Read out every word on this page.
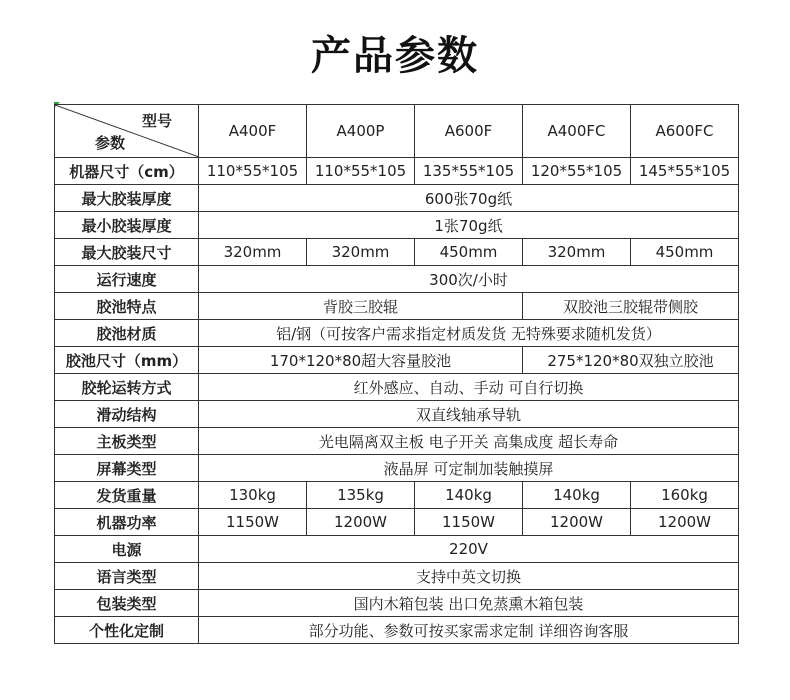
产品参数
型号
参数	A400F	A400P	A600F	A400FC	A600FC
机器尺寸（cm）	110*55*105	110*55*105	135*55*105	120*55*105	145*55*105
最大胶装厚度	600张70g纸				
最小胶装厚度	1张70g纸				
最大胶装尺寸	320mm	320mm	450mm	320mm	450mm
运行速度	300次/小时				
胶池特点	背胶三胶辊			双胶池三胶辊带侧胶	
胶池材质	铝/钢（可按客户需求指定材质发货 无特殊要求随机发货）				
胶池尺寸（mm）	170*120*80超大容量胶池			275*120*80双独立胶池	
胶轮运转方式	红外感应、自动、手动 可自行切换				
滑动结构	双直线轴承导轨				
主板类型	光电隔离双主板 电子开关 高集成度 超长寿命				
屏幕类型	液晶屏 可定制加装触摸屏				
发货重量	130kg	135kg	140kg	140kg	160kg
机器功率	1150W	1200W	1150W	1200W	1200W
电源	220V				
语言类型	支持中英文切换				
包装类型	国内木箱包装 出口免蒸熏木箱包装				
个性化定制	部分功能、参数可按买家需求定制 详细咨询客服				
